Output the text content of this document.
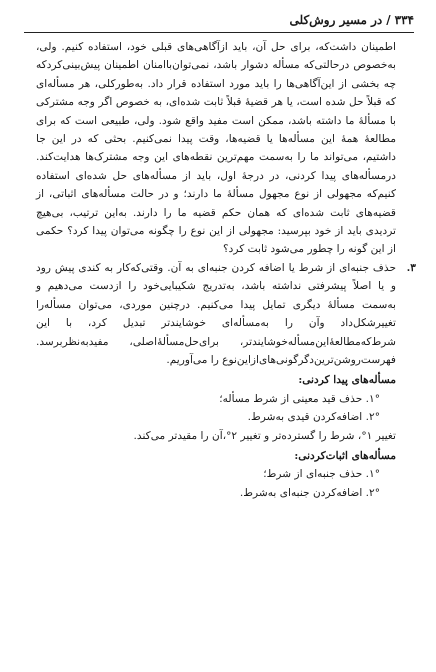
۳۳۴
/
در مسیر روش‌کلی

اطمینان داشت‌که، برای حل آن، باید ازآگاهی‌های قبلی خود، استفاده کنیم. ولی، به‌خصوص درحالتی‌که مسأله دشوار باشد، نمی‌توان‌باامنان اطمینان پیش‌بینی‌کردکه چه بخشی از این‌آگاهی‌ها را باید مورد استفاده قرار داد. به‌طورکلی، هر مسأله‌ای که قبلاً حل شده است، یا هر قضیهٔ قبلاً ثابت شده‌ای، به خصوص اگر وجه مشترکی با مسألهٔ ما داشته باشد، ممکن است مفید واقع شود. ولی، طبیعی است که برای مطالعهٔ همهٔ این مسأله‌ها یا قضیه‌ها، وقت پیدا نمی‌کنیم. بحثی که در این جا داشتیم، می‌تواند ما را به‌سمت مهم‌ترین نقطه‌های این وجه مشترک‌ها هدایت‌کند. درمسأله‌های پیدا کردنی، در درجهٔ اول، باید از مسأله‌های حل شده‌ای استفاده کنیم‌که مجهولی از نوع مجهول مسألهٔ ما دارند؛ و در حالت مسأله‌های اثباتی، از قضیه‌های ثابت شده‌ای که همان حکم قضیه ما را دارند. به‌این ترتیب، بی‌هیچ تردیدی باید از خود بپرسید: مجهولی از این نوع را چگونه می‌توان پیدا کرد؟ حکمی از این گونه را چطور می‌شود ثابت کرد؟

۳.

حذف جنبه‌ای از شرط یا اضافه کردن جنبه‌ای به آن. وقتی‌که‌کار به کندی پیش رود و یا اصلاً پیشرفتی نداشته باشد، به‌تدریج شکیبایی‌خود را ازدست می‌دهیم و به‌سمت مسألهٔ دیگری تمایل پیدا می‌کنیم. درچنین موردی، می‌توان مسأله‌را تغییرشکل‌داد وآن را به‌مسأله‌ای خوشایندتر تبدیل کرد، با این شرط‌که‌مطالعهٔ‌این‌مسأله‌خوشایند‌تر، برای‌حل‌مسألهٔ‌اصلی، مفیدبه‌نظربرسد. فهرست‌روشن‌ترین‌دگرگونی‌های‌ازاین‌نوع را می‌آوریم.

مسأله‌های پیدا کردنی:

۱°. حذف قید معینی از شرط مسأله؛

۲°. اضافه‌کردن قیدی به‌شرط.

تغییر ۱°، شرط را گسترده‌تر و تغییر ۲°،آن را مقیدتر می‌کند.

مسأله‌های اثبات‌کردنی:

۱°. حذف جنبه‌ای از شرط؛

۲°. اضافه‌کردن جنبه‌ای به‌شرط.
